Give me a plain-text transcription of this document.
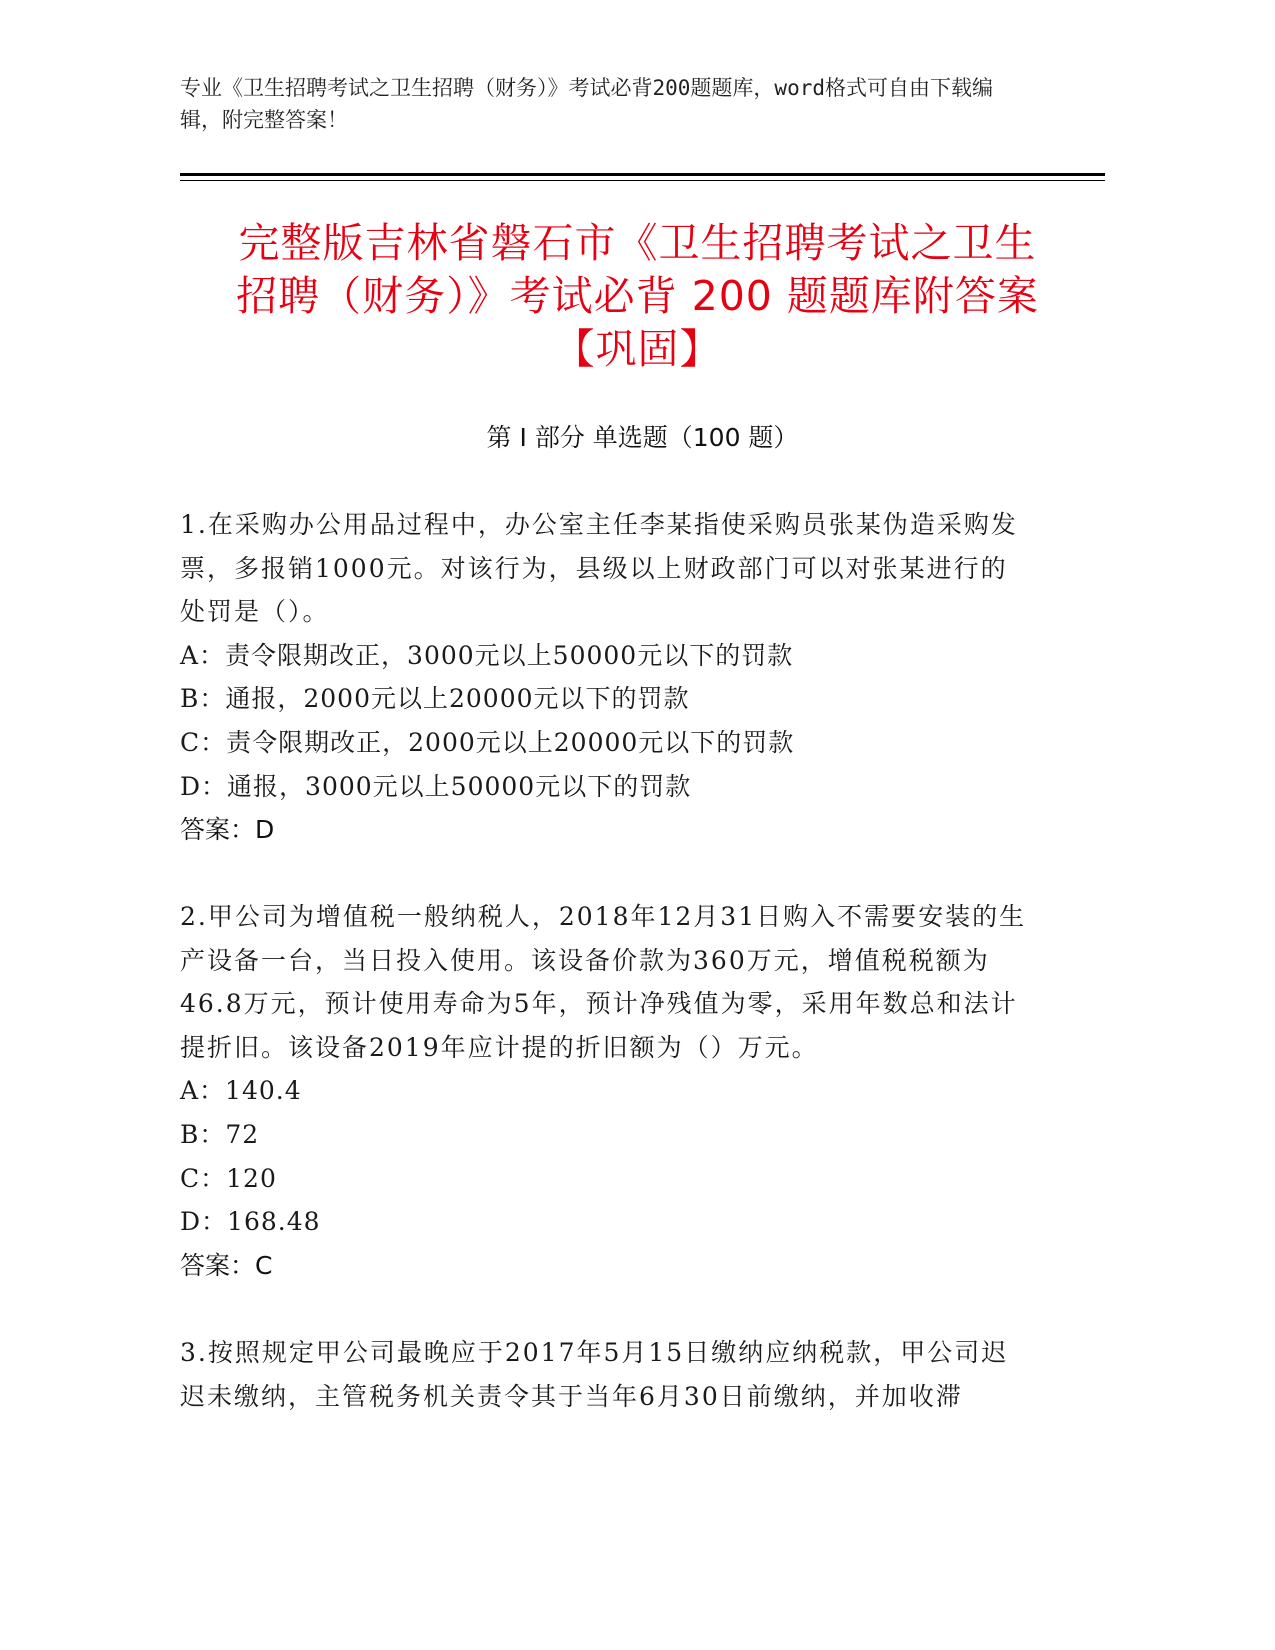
专业《卫生招聘考试之卫生招聘（财务）》考试必背200题题库，word格式可自由下载编辑，附完整答案！
完整版吉林省磐石市《卫生招聘考试之卫生
招聘（财务）》考试必背 200 题题库附答案
【巩固】
第 I 部分 单选题（100 题）

1.在采购办公用品过程中，办公室主任李某指使采购员张某伪造采购发票，多报销1000元。对该行为，县级以上财政部门可以对张某进行的处罚是（）。

A：责令限期改正，3000元以上50000元以下的罚款

B：通报，2000元以上20000元以下的罚款

C：责令限期改正，2000元以上20000元以下的罚款

D：通报，3000元以上50000元以下的罚款

答案：D

2.甲公司为增值税一般纳税人，2018年12月31日购入不需要安装的生产设备一台，当日投入使用。该设备价款为360万元，增值税税额为46.8万元，预计使用寿命为5年，预计净残值为零，采用年数总和法计提折旧。该设备2019年应计提的折旧额为（）万元。

A：140.4

B：72

C：120

D：168.48

答案：C

3.按照规定甲公司最晚应于2017年5月15日缴纳应纳税款，甲公司迟迟未缴纳，主管税务机关责令其于当年6月30日前缴纳，并加收滞
